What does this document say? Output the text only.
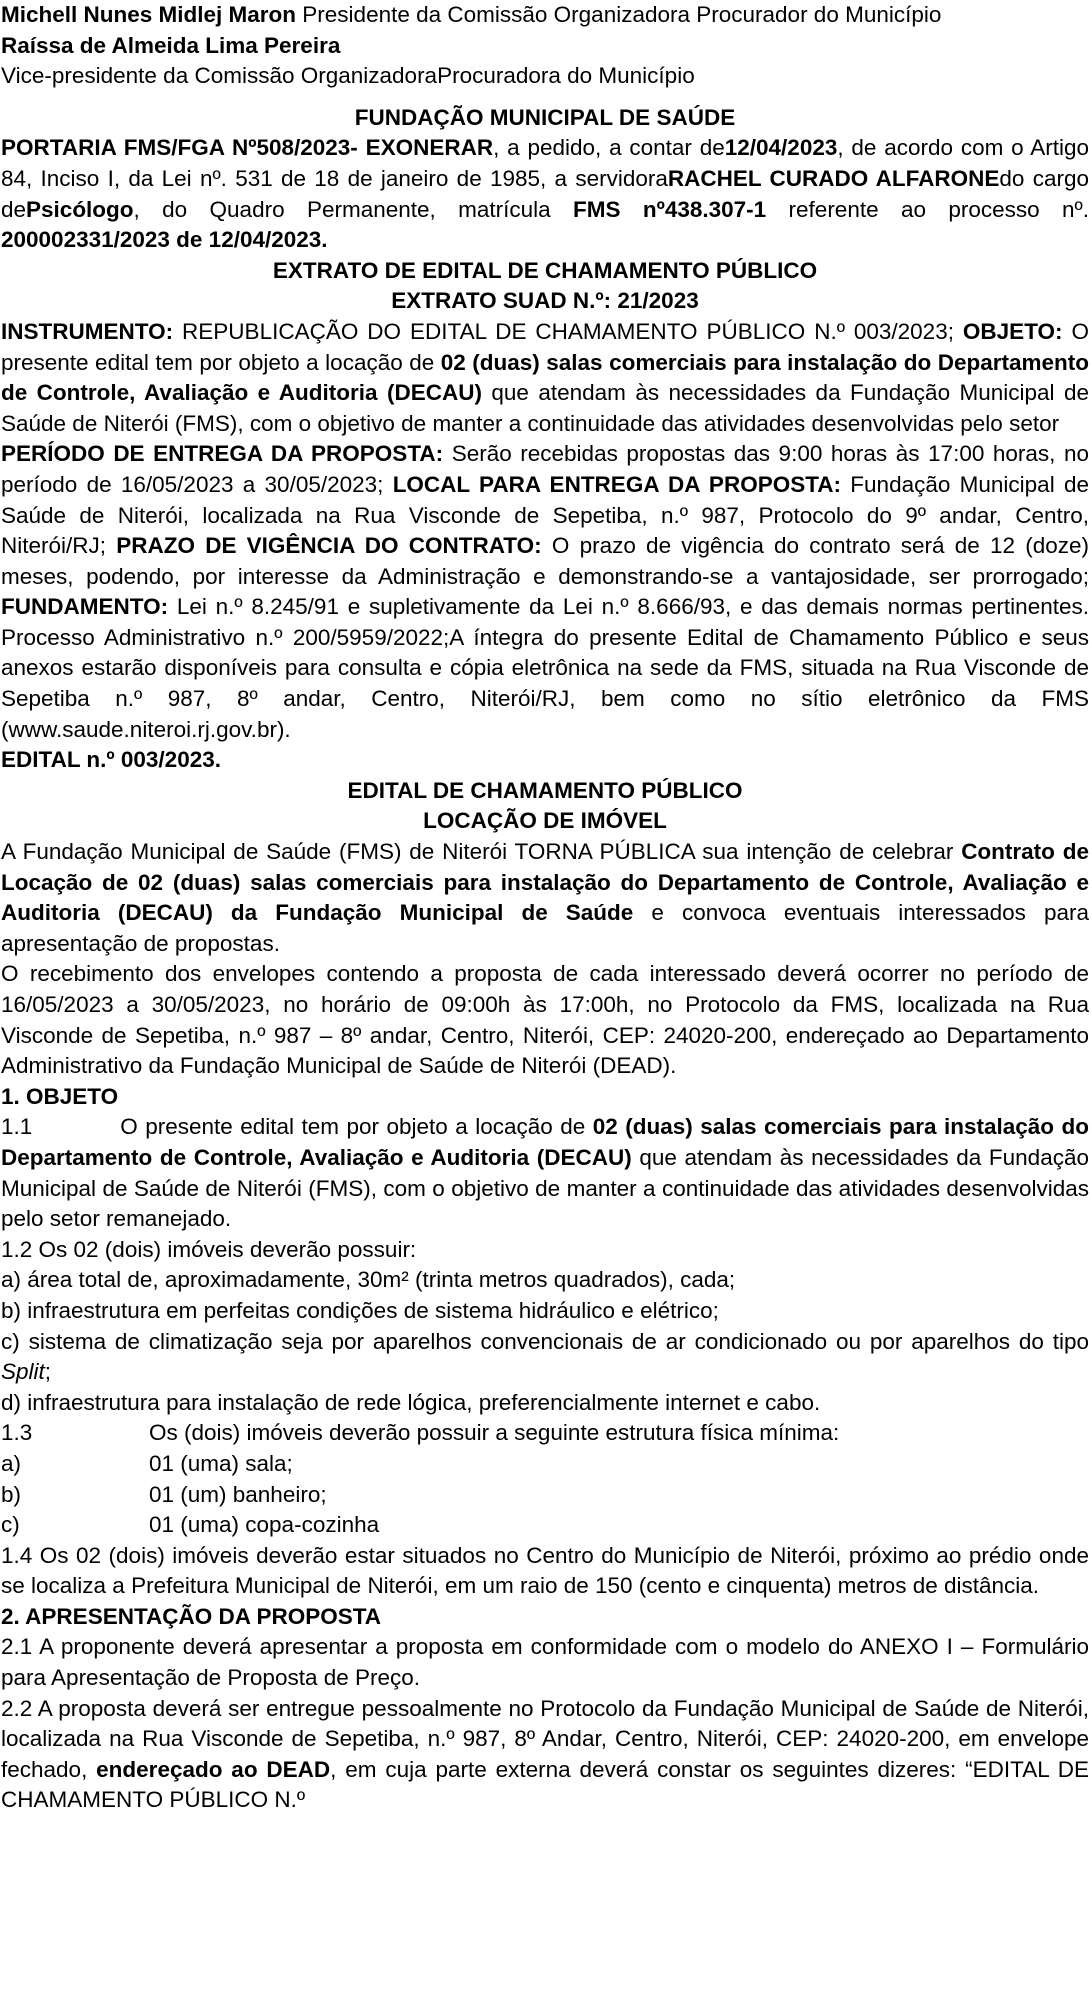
Michell Nunes Midlej Maron Presidente da Comissão Organizadora Procurador do Município

Raíssa de Almeida Lima Pereira

Vice-presidente da Comissão OrganizadoraProcuradora do Município

FUNDAÇÃO MUNICIPAL DE SAÚDE

PORTARIA FMS/FGA Nº508/2023- EXONERAR, a pedido, a contar de12/04/2023, de acordo com o Artigo 84, Inciso I, da Lei nº. 531 de 18 de janeiro de 1985, a servidoraRACHEL CURADO ALFARONEdo cargo dePsicólogo, do Quadro Permanente, matrícula FMS nº438.307-1 referente ao processo nº. 200002331/2023 de 12/04/2023.

EXTRATO DE EDITAL DE CHAMAMENTO PÚBLICO

EXTRATO SUAD N.º: 21/2023

INSTRUMENTO: REPUBLICAÇÃO DO EDITAL DE CHAMAMENTO PÚBLICO N.º 003/2023; OBJETO: O presente edital tem por objeto a locação de 02 (duas) salas comerciais para instalação do Departamento de Controle, Avaliação e Auditoria (DECAU) que atendam às necessidades da Fundação Municipal de Saúde de Niterói (FMS), com o objetivo de manter a continuidade das atividades desenvolvidas pelo setor

PERÍODO DE ENTREGA DA PROPOSTA: Serão recebidas propostas das 9:00 horas às 17:00 horas, no período de 16/05/2023 a 30/05/2023; LOCAL PARA ENTREGA DA PROPOSTA: Fundação Municipal de Saúde de Niterói, localizada na Rua Visconde de Sepetiba, n.º 987, Protocolo do 9º andar, Centro, Niterói/RJ; PRAZO DE VIGÊNCIA DO CONTRATO: O prazo de vigência do contrato será de 12 (doze) meses, podendo, por interesse da Administração e demonstrando-se a vantajosidade, ser prorrogado; FUNDAMENTO: Lei n.º 8.245/91 e supletivamente da Lei n.º 8.666/93, e das demais normas pertinentes. Processo Administrativo n.º 200/5959/2022;A íntegra do presente Edital de Chamamento Público e seus anexos estarão disponíveis para consulta e cópia eletrônica na sede da FMS, situada na Rua Visconde de Sepetiba n.º 987, 8º andar, Centro, Niterói/RJ, bem como no sítio eletrônico da FMS (www.saude.niteroi.rj.gov.br).

EDITAL n.º 003/2023.

EDITAL DE CHAMAMENTO PÚBLICO

LOCAÇÃO DE IMÓVEL

A Fundação Municipal de Saúde (FMS) de Niterói TORNA PÚBLICA sua intenção de celebrar Contrato de Locação de 02 (duas) salas comerciais para instalação do Departamento de Controle, Avaliação e Auditoria (DECAU) da Fundação Municipal de Saúde e convoca eventuais interessados para apresentação de propostas.

O recebimento dos envelopes contendo a proposta de cada interessado deverá ocorrer no período de 16/05/2023 a 30/05/2023, no horário de 09:00h às 17:00h, no Protocolo da FMS, localizada na Rua Visconde de Sepetiba, n.º 987 – 8º andar, Centro, Niterói, CEP: 24020-200, endereçado ao Departamento Administrativo da Fundação Municipal de Saúde de Niterói (DEAD).

1. OBJETO

1.1	O presente edital tem por objeto a locação de 02 (duas) salas comerciais para instalação do Departamento de Controle, Avaliação e Auditoria (DECAU) que atendam às necessidades da Fundação Municipal de Saúde de Niterói (FMS), com o objetivo de manter a continuidade das atividades desenvolvidas pelo setor remanejado.

1.2 Os 02 (dois) imóveis deverão possuir:

a) área total de, aproximadamente, 30m² (trinta metros quadrados), cada;

b) infraestrutura em perfeitas condições de sistema hidráulico e elétrico;

c) sistema de climatização seja por aparelhos convencionais de ar condicionado ou por aparelhos do tipo Split;

d) infraestrutura para instalação de rede lógica, preferencialmente internet e cabo.

1.3	Os (dois) imóveis deverão possuir a seguinte estrutura física mínima:
a)	01 (uma) sala;
b)	01 (um) banheiro;
c)	01 (uma) copa-cozinha

1.4 Os 02 (dois) imóveis deverão estar situados no Centro do Município de Niterói, próximo ao prédio onde se localiza a Prefeitura Municipal de Niterói, em um raio de 150 (cento e cinquenta) metros de distância.

2. APRESENTAÇÃO DA PROPOSTA

2.1 A proponente deverá apresentar a proposta em conformidade com o modelo do ANEXO I – Formulário para Apresentação de Proposta de Preço.

2.2 A proposta deverá ser entregue pessoalmente no Protocolo da Fundação Municipal de Saúde de Niterói, localizada na Rua Visconde de Sepetiba, n.º 987, 8º Andar, Centro, Niterói, CEP: 24020-200, em envelope fechado, endereçado ao DEAD, em cuja parte externa deverá constar os seguintes dizeres: “EDITAL DE CHAMAMENTO PÚBLICO N.º
